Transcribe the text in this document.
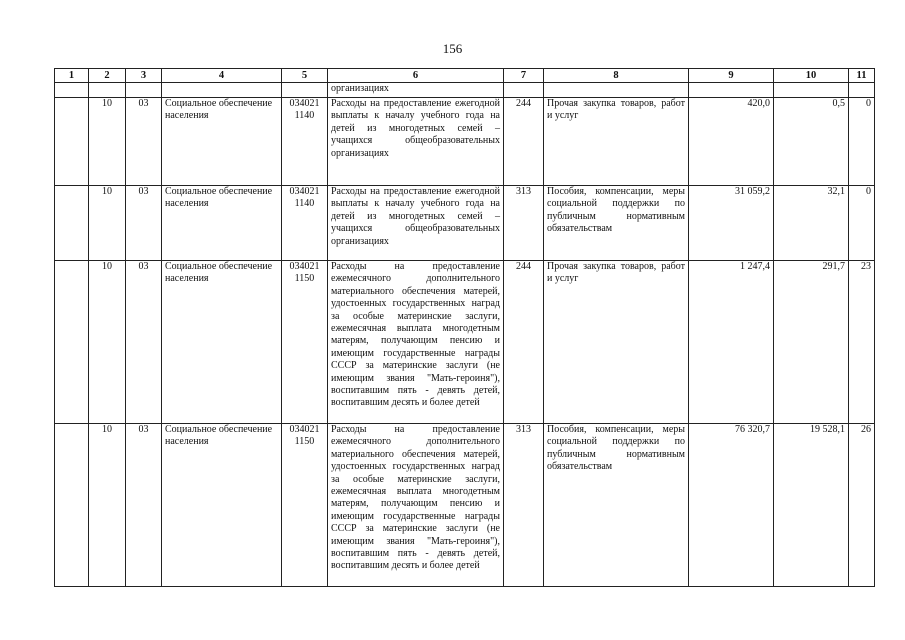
156
1	2	3	4	5	6	7	8	9	10	11
					организациях					
	10	03	Социальное обеспечение населения	034021 1140	Расходы на предоставление ежегодной выплаты к началу учебного года на детей из многодетных семей – учащихся общеобразовательных организациях	244	Прочая закупка товаров, работ и услуг	420,0	0,5	0
	10	03	Социальное обеспечение населения	034021 1140	Расходы на предоставление ежегодной выплаты к началу учебного года на детей из многодетных семей – учащихся общеобразовательных организациях	313	Пособия, компенсации, меры социальной поддержки по публичным нормативным обязательствам	31 059,2	32,1	0
	10	03	Социальное обеспечение населения	034021 1150	Расходы на предоставление ежемесячного дополнительного материального обеспечения матерей, удостоенных государственных наград за особые материнские заслуги, ежемесячная выплата многодетным матерям, получающим пенсию и имеющим государственные награды СССР за материнские заслуги (не имеющим звания "Мать-героиня"), воспитавшим пять - девять детей, воспитавшим десять и более детей	244	Прочая закупка товаров, работ и услуг	1 247,4	291,7	23
	10	03	Социальное обеспечение населения	034021 1150	Расходы на предоставление ежемесячного дополнительного материального обеспечения матерей, удостоенных государственных наград за особые материнские заслуги, ежемесячная выплата многодетным матерям, получающим пенсию и имеющим государственные награды СССР за материнские заслуги (не имеющим звания "Мать-героиня"), воспитавшим пять - девять детей, воспитавшим десять и более детей	313	Пособия, компенсации, меры социальной поддержки по публичным нормативным обязательствам	76 320,7	19 528,1	26
